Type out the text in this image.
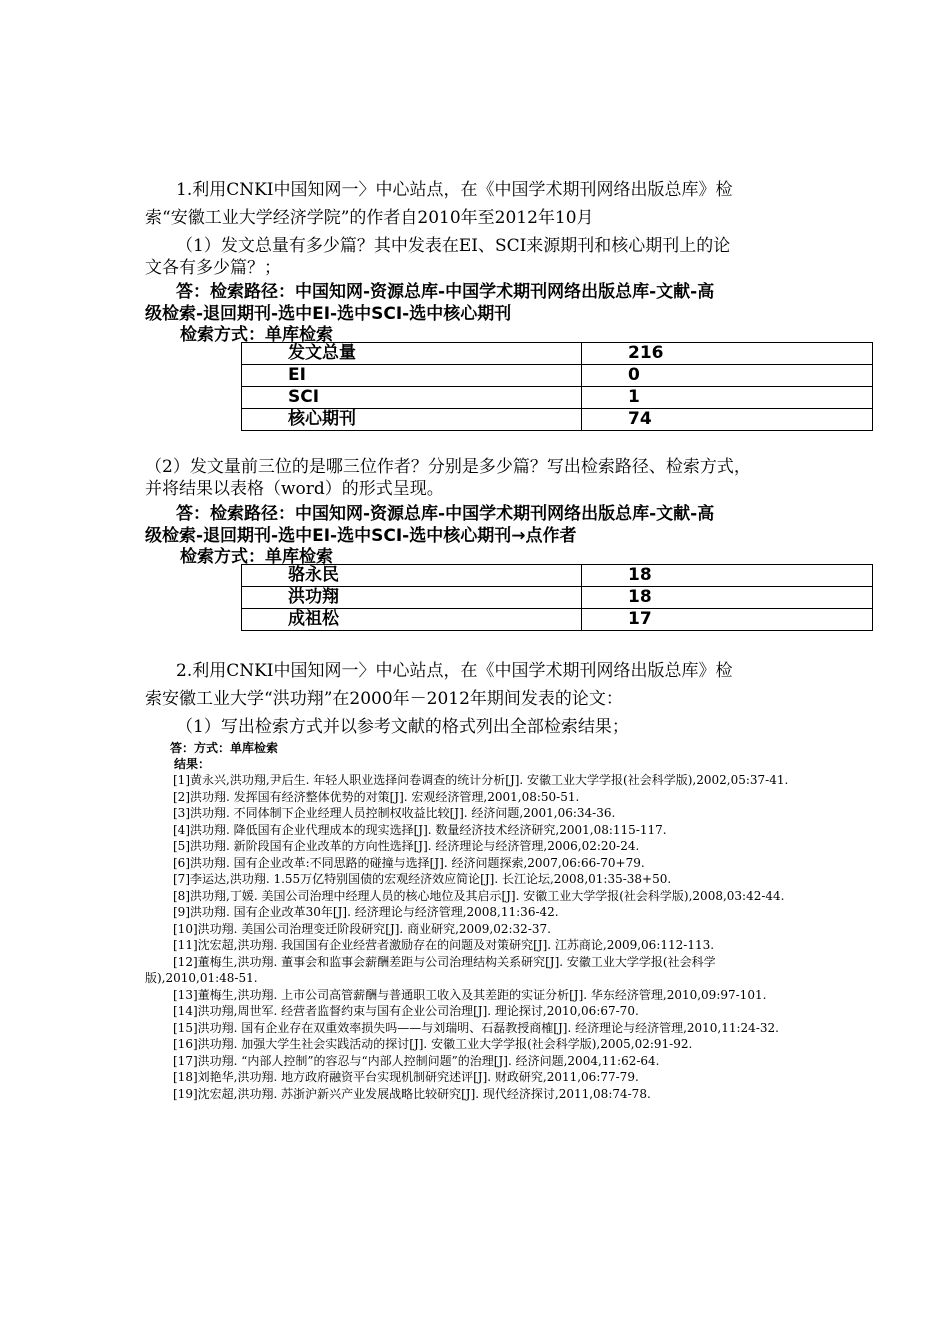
1.利用CNKI中国知网一〉中心站点，在《中国学术期刊网络出版总库》检
索“安徽工业大学经济学院”的作者自2010年至2012年10月
（1）发文总量有多少篇？其中发表在EI、SCI来源期刊和核心期刊上的论
文各有多少篇？；
答：检索路径：中国知网-资源总库-中国学术期刊网络出版总库-文献-高
级检索-退回期刊-选中EI-选中SCI-选中核心期刊
检索方式：单库检索
发文总量	216
EI	0
SCI	1
核心期刊	74
（2）发文量前三位的是哪三位作者？分别是多少篇？写出检索路径、检索方式，
并将结果以表格（word）的形式呈现。
答：检索路径：中国知网-资源总库-中国学术期刊网络出版总库-文献-高
级检索-退回期刊-选中EI-选中SCI-选中核心期刊→点作者
检索方式：单库检索
骆永民	18
洪功翔	18
成祖松	17
2.利用CNKI中国知网一〉中心站点，在《中国学术期刊网络出版总库》检
索安徽工业大学“洪功翔”在2000年－2012年期间发表的论文：
（1）写出检索方式并以参考文献的格式列出全部检索结果；
答：方式：单库检索
结果：
[1]黄永兴,洪功翔,尹后生. 年轻人职业选择问卷调查的统计分析[J]. 安徽工业大学学报(社会科学版),2002,05:37-41.
[2]洪功翔. 发挥国有经济整体优势的对策[J]. 宏观经济管理,2001,08:50-51.
[3]洪功翔. 不同体制下企业经理人员控制权收益比较[J]. 经济问题,2001,06:34-36.
[4]洪功翔. 降低国有企业代理成本的现实选择[J]. 数量经济技术经济研究,2001,08:115-117.
[5]洪功翔. 新阶段国有企业改革的方向性选择[J]. 经济理论与经济管理,2006,02:20-24.
[6]洪功翔. 国有企业改革:不同思路的碰撞与选择[J]. 经济问题探索,2007,06:66-70+79.
[7]李运达,洪功翔. 1.55万亿特别国债的宏观经济效应简论[J]. 长江论坛,2008,01:35-38+50.
[8]洪功翔,丁媛. 美国公司治理中经理人员的核心地位及其启示[J]. 安徽工业大学学报(社会科学版),2008,03:42-44.
[9]洪功翔. 国有企业改革30年[J]. 经济理论与经济管理,2008,11:36-42.
[10]洪功翔. 美国公司治理变迁阶段研究[J]. 商业研究,2009,02:32-37.
[11]沈宏超,洪功翔. 我国国有企业经营者激励存在的问题及对策研究[J]. 江苏商论,2009,06:112-113.
[12]董梅生,洪功翔. 董事会和监事会薪酬差距与公司治理结构关系研究[J]. 安徽工业大学学报(社会科学版),2010,01:48-51.
[13]董梅生,洪功翔. 上市公司高管薪酬与普通职工收入及其差距的实证分析[J]. 华东经济管理,2010,09:97-101.
[14]洪功翔,周世军. 经营者监督约束与国有企业公司治理[J]. 理论探讨,2010,06:67-70.
[15]洪功翔. 国有企业存在双重效率损失吗——与刘瑞明、石磊教授商榷[J]. 经济理论与经济管理,2010,11:24-32.
[16]洪功翔. 加强大学生社会实践活动的探讨[J]. 安徽工业大学学报(社会科学版),2005,02:91-92.
[17]洪功翔. “内部人控制”的容忍与“内部人控制问题”的治理[J]. 经济问题,2004,11:62-64.
[18]刘艳华,洪功翔. 地方政府融资平台实现机制研究述评[J]. 财政研究,2011,06:77-79.
[19]沈宏超,洪功翔. 苏浙沪新兴产业发展战略比较研究[J]. 现代经济探讨,2011,08:74-78.
